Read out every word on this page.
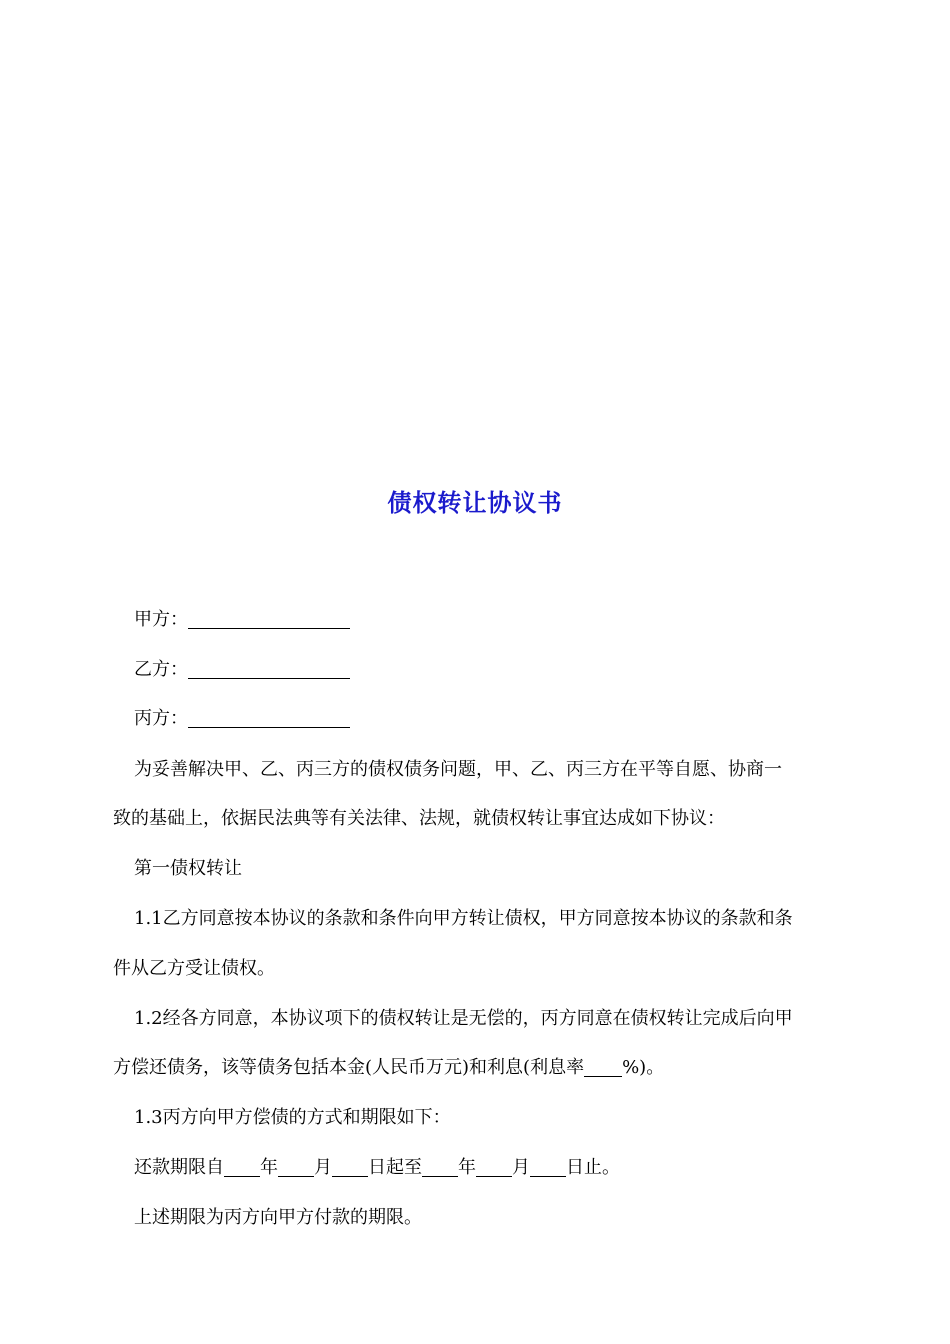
债权转让协议书
甲方：
乙方：
丙方：
为妥善解决甲、乙、丙三方的债权债务问题，甲、乙、丙三方在平等自愿、协商一
致的基础上，依据民法典等有关法律、法规，就债权转让事宜达成如下协议：
第一债权转让
1.1乙方同意按本协议的条款和条件向甲方转让债权，甲方同意按本协议的条款和条
件从乙方受让债权。
1.2经各方同意，本协议项下的债权转让是无偿的，丙方同意在债权转让完成后向甲
方偿还债务，该等债务包括本金(人民币万元)和利息(利息率 %)。
1.3丙方向甲方偿债的方式和期限如下：
还款期限自 年 月 日起至 年 月 日止。
上述期限为丙方向甲方付款的期限。
